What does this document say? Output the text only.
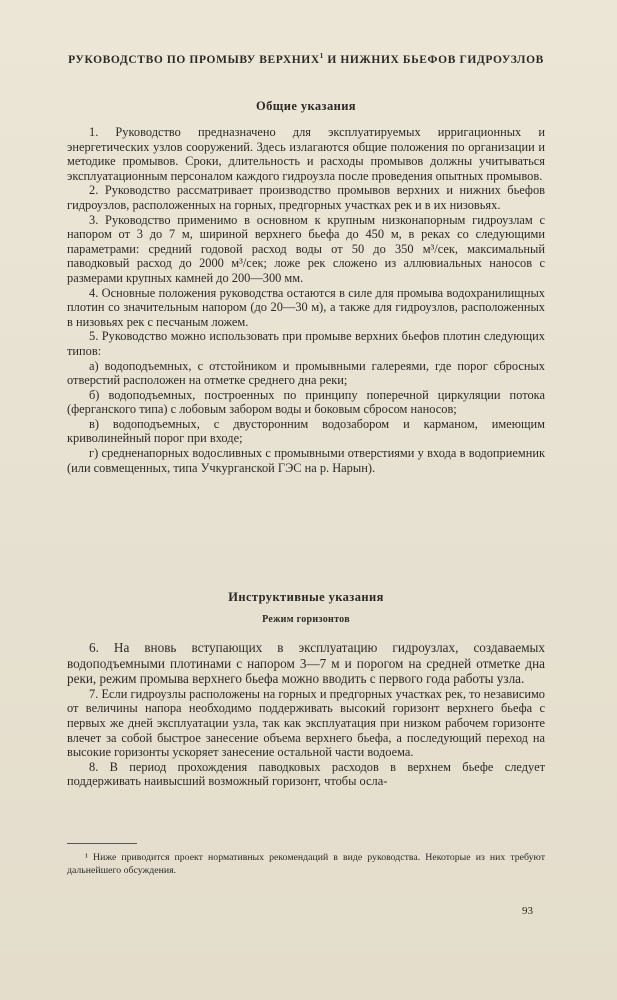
РУКОВОДСТВО ПО ПРОМЫВУ ВЕРХНИХ$^1$ И НИЖНИХ БЬЕФОВ ГИДРОУЗЛОВ
Общие указания

1. Руководство предназначено для эксплуатируемых ирригационных и энергетических узлов сооружений. Здесь излагаются общие положения по организации и методике промывов. Сроки, длительность и расходы промывов должны учитываться эксплуатационным персоналом каждого гидроузла после проведения опытных промывов.

2. Руководство рассматривает производство промывов верхних и нижних бьефов гидроузлов, расположенных на горных, предгорных участках рек и в их низовьях.

3. Руководство применимо в основном к крупным низконапорным гидроузлам с напором от 3 до 7 м, шириной верхнего бьефа до 450 м, в реках со следующими параметрами: средний годовой расход воды от 50 до 350 м³/сек, максимальный паводковый расход до 2000 м³/сек; ложе рек сложено из аллювиальных наносов с размерами крупных камней до 200—300 мм.

4. Основные положения руководства остаются в силе для промыва водохранилищных плотин со значительным напором (до 20—30 м), а также для гидроузлов, расположенных в низовьях рек с песчаным ложем.

5. Руководство можно использовать при промыве верхних бьефов плотин следующих типов:

а) водоподъемных, с отстойником и промывными галереями, где порог сбросных отверстий расположен на отметке среднего дна реки;

б) водоподъемных, построенных по принципу поперечной циркуляции потока (ферганского типа) с лобовым забором воды и боковым сбросом наносов;

в) водоподъемных, с двусторонним водозабором и карманом, имеющим криволинейный порог при входе;

г) средненапорных водосливных с промывными отверстиями у входа в водоприемник (или совмещенных, типа Учкурганской ГЭС на р. Нарын).

Инструктивные указания
Режим горизонтов

6. На вновь вступающих в эксплуатацию гидроузлах, создаваемых водоподъемными плотинами с напором 3—7 м и порогом на средней отметке дна реки, режим промыва верхнего бьефа можно вводить с первого года работы узла.

7. Если гидроузлы расположены на горных и предгорных участках рек, то независимо от величины напора необходимо поддерживать высокий горизонт верхнего бьефа с первых же дней эксплуатации узла, так как эксплуатация при низком рабочем горизонте влечет за собой быстрое занесение объема верхнего бьефа, а последующий переход на высокие горизонты ускоряет занесение остальной части водоема.

8. В период прохождения паводковых расходов в верхнем бьефе следует поддерживать наивысший возможный горизонт, чтобы осла-

¹ Ниже приводится проект нормативных рекомендаций в виде руководства. Некоторые из них требуют дальнейшего обсуждения.
93
